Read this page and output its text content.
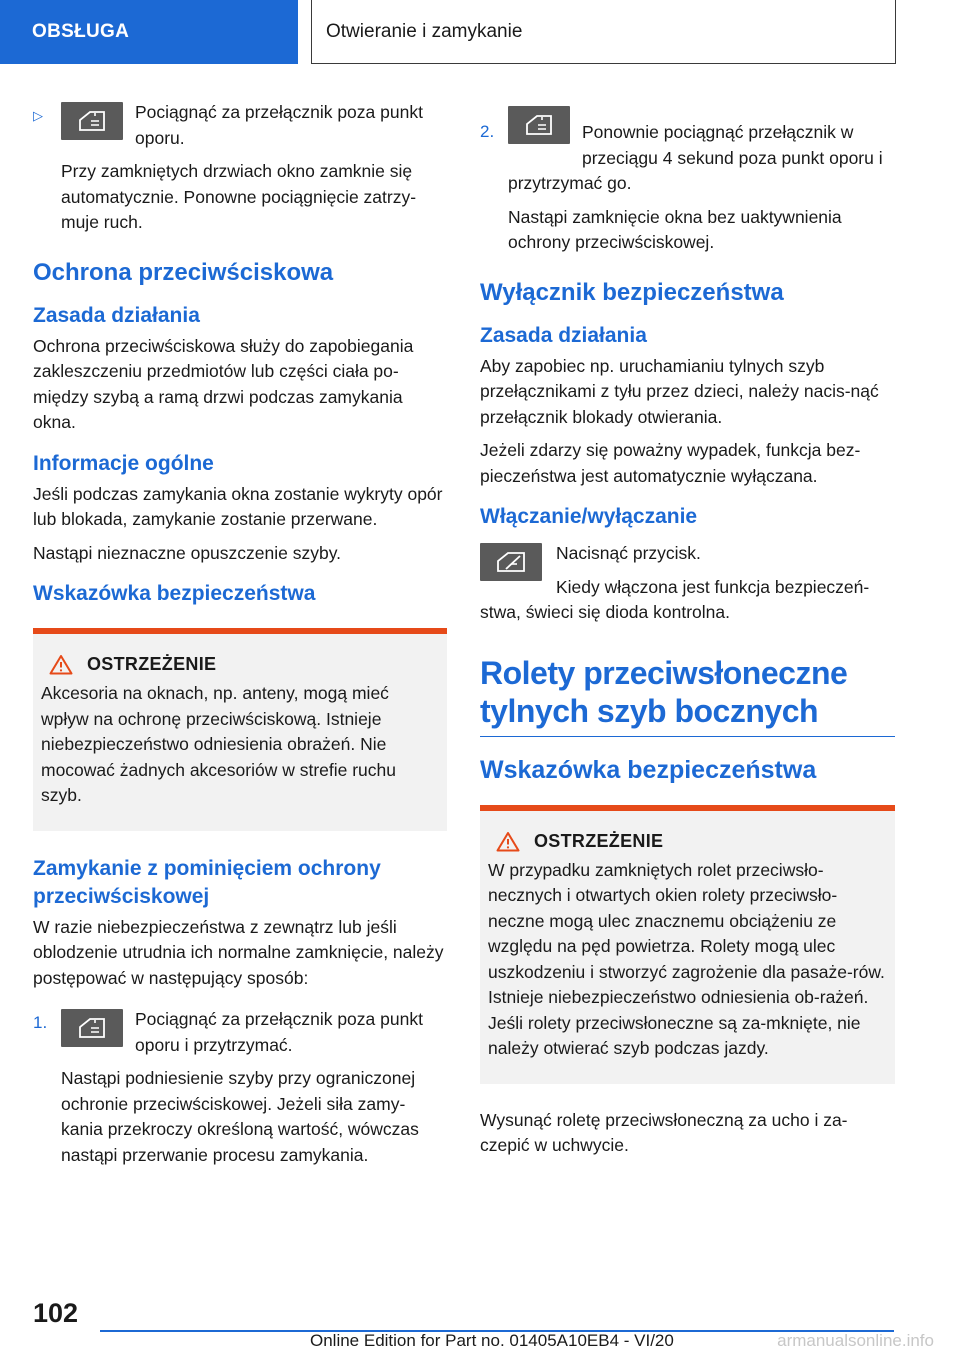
OBSŁUGA	Otwieranie i zamykanie
▷	Pociągnąć za przełącznik poza punkt oporu.
Przy zamkniętych drzwiach okno zamknie się automatycznie. Ponowne pociągnięcie zatrzy-muje ruch.
Ochrona przeciwściskowa
Zasada działania
Ochrona przeciwściskowa służy do zapobiegania zakleszczeniu przedmiotów lub części ciała po-między szybą a ramą drzwi podczas zamykania okna.
Informacje ogólne
Jeśli podczas zamykania okna zostanie wykryty opór lub blokada, zamykanie zostanie przerwane.
Nastąpi nieznaczne opuszczenie szyby.
Wskazówka bezpieczeństwa
OSTRZEŻENIE
Akcesoria na oknach, np. anteny, mogą mieć wpływ na ochronę przeciwściskową. Istnieje niebezpieczeństwo odniesienia obrażeń. Nie mocować żadnych akcesoriów w strefie ruchu szyb.
Zamykanie z pominięciem ochrony przeciwściskowej
W razie niebezpieczeństwa z zewnątrz lub jeśli oblodzenie utrudnia ich normalne zamknięcie, należy postępować w następujący sposób:
1.	Pociągnąć za przełącznik poza punkt oporu i przytrzymać.
Nastąpi podniesienie szyby przy ograniczonej ochronie przeciwściskowej. Jeżeli siła zamy-kania przekroczy określoną wartość, wówczas nastąpi przerwanie procesu zamykania.
2.	Ponownie pociągnąć przełącznik w przeciągu 4 sekund poza punkt oporu i przytrzymać go.
Nastąpi zamknięcie okna bez uaktywnienia ochrony przeciwściskowej.
Wyłącznik bezpieczeństwa
Zasada działania
Aby zapobiec np. uruchamianiu tylnych szyb przełącznikami z tyłu przez dzieci, należy nacis-nąć przełącznik blokady otwierania.
Jeżeli zdarzy się poważny wypadek, funkcja bez-pieczeństwa jest automatycznie wyłączana.
Włączanie/wyłączanie
Nacisnąć przycisk.
Kiedy włączona jest funkcja bezpieczeń-stwa, świeci się dioda kontrolna.
Rolety przeciwsłoneczne tylnych szyb bocznych
Wskazówka bezpieczeństwa
OSTRZEŻENIE
W przypadku zamkniętych rolet przeciwsło-necznych i otwartych okien rolety przeciwsło-neczne mogą ulec znacznemu obciążeniu ze względu na pęd powietrza. Rolety mogą ulec uszkodzeniu i stworzyć zagrożenie dla pasaże-rów. Istnieje niebezpieczeństwo odniesienia ob-rażeń. Jeśli rolety przeciwsłoneczne są za-mknięte, nie należy otwierać szyb podczas jazdy.
Wysunąć roletę przeciwsłoneczną za ucho i za-czepić w uchwycie.
102
Online Edition for Part no. 01405A10EB4 - VI/20	armanualsonline.info
